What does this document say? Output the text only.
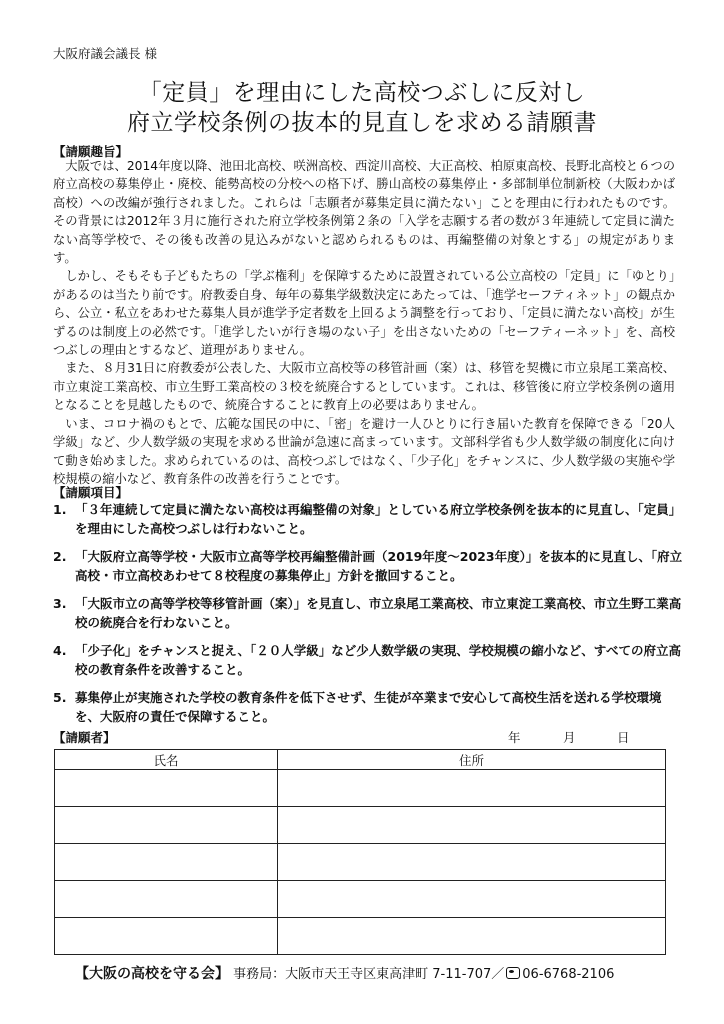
大阪府議会議長 様
「定員」を理由にした高校つぶしに反対し
府立学校条例の抜本的見直しを求める請願書
【請願趣旨】

大阪では、2014年度以降、池田北高校、咲洲高校、西淀川高校、大正高校、柏原東高校、長野北高校と６つの府立高校の募集停止・廃校、能勢高校の分校への格下げ、勝山高校の募集停止・多部制単位制新校（大阪わかば高校）への改編が強行されました。これらは「志願者が募集定員に満たない」ことを理由に行われたものです。その背景には2012年３月に施行された府立学校条例第２条の「入学を志願する者の数が３年連続して定員に満たない高等学校で、その後も改善の見込みがないと認められるものは、再編整備の対象とする」の規定があります。

しかし、そもそも子どもたちの「学ぶ権利」を保障するために設置されている公立高校の「定員」に「ゆとり」があるのは当たり前です。府教委自身、毎年の募集学級数決定にあたっては、「進学セーフティネット」の観点から、公立・私立をあわせた募集人員が進学予定者数を上回るよう調整を行っており、「定員に満たない高校」が生ずるのは制度上の必然です。「進学したいが行き場のない子」を出さないための「セーフティーネット」を、高校つぶしの理由とするなど、道理がありません。

また、８月31日に府教委が公表した、大阪市立高校等の移管計画（案）は、移管を契機に市立泉尾工業高校、市立東淀工業高校、市立生野工業高校の３校を統廃合するとしています。これは、移管後に府立学校条例の適用となることを見越したもので、統廃合することに教育上の必要はありません。

いま、コロナ禍のもとで、広範な国民の中に、「密」を避け一人ひとりに行き届いた教育を保障できる「20人学級」など、少人数学級の実現を求める世論が急速に高まっています。文部科学省も少人数学級の制度化に向けて動き始めました。求められているのは、高校つぶしではなく、「少子化」をチャンスに、少人数学級の実施や学校規模の縮小など、教育条件の改善を行うことです。

【請願項目】
1. 「３年連続して定員に満たない高校は再編整備の対象」としている府立学校条例を抜本的に見直し、「定員」を理由にした高校つぶしは行わないこと。
2. 「大阪府立高等学校・大阪市立高等学校再編整備計画（2019年度～2023年度）」を抜本的に見直し、「府立高校・市立高校あわせて８校程度の募集停止」方針を撤回すること。
3. 「大阪市立の高等学校等移管計画（案）」を見直し、市立泉尾工業高校、市立東淀工業高校、市立生野工業高校の統廃合を行わないこと。
4. 「少子化」をチャンスと捉え、「２０人学級」など少人数学級の実現、学校規模の縮小など、すべての府立高校の教育条件を改善すること。
5. 募集停止が実施された学校の教育条件を低下させず、生徒が卒業まで安心して高校生活を送れる学校環境を、大阪府の責任で保障すること。
【請願者】	年	月	日
氏名	住所

【大阪の高校を守る会】 事務局：大阪市天王寺区東高津町 7-11-707／ 06-6768-2106
